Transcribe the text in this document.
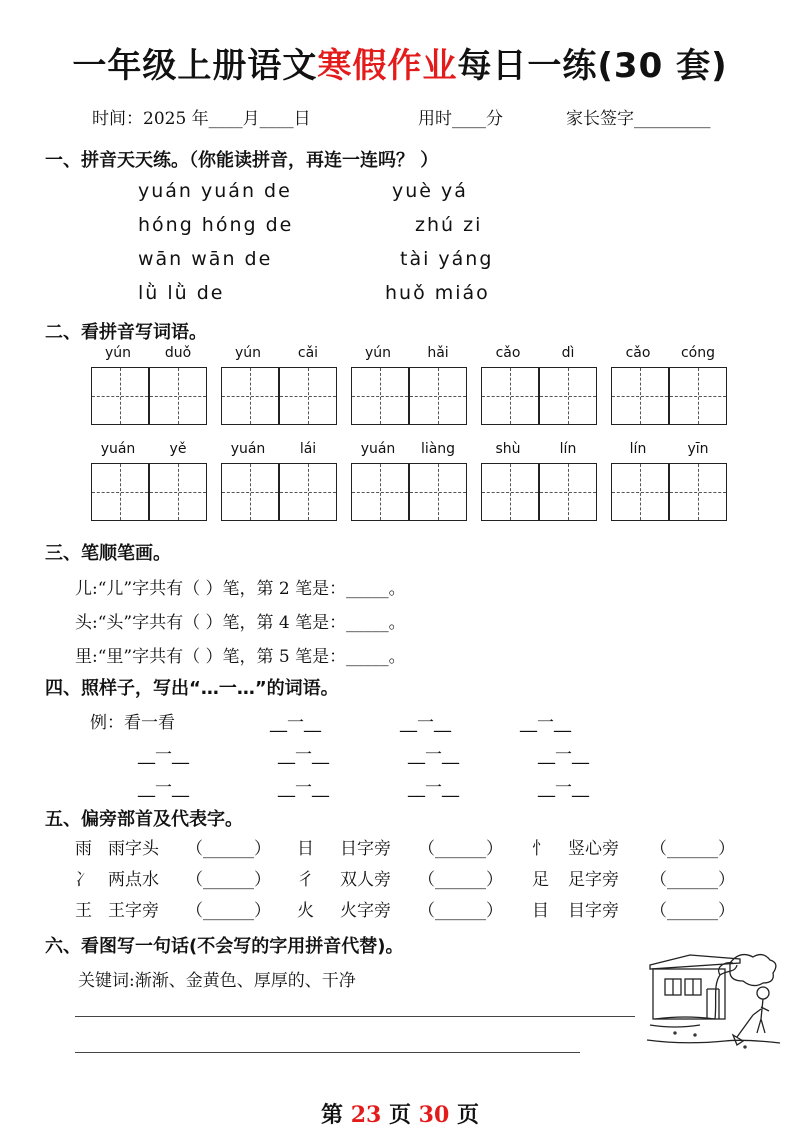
一年级上册语文寒假作业每日一练(30 套)
时间：2025 年____月____日	用时____分	家长签字_________
一、拼音天天练。（你能读拼音，再连一连吗？ ）
yuán yuán de
hóng hóng de
wān wān de
lǜ lǜ de
yuè yá
zhú zi
tài yáng
huǒ miáo
二、看拼音写词语。
yún	duǒ	yún	cǎi	yún	hǎi	cǎo	dì	cǎo	cóng
yuán	yě	yuán	lái	yuán	liàng	shù	lín	lín	yīn
三、笔顺笔画。
儿:“儿”字共有（ ）笔，第 2 笔是：_____。
头:“头”字共有（ ）笔，第 4 笔是：_____。
里:“里”字共有（ ）笔，第 5 笔是：_____。
四、照样子，写出“…一…”的词语。
例：看一看	__一__	__一__	__一__
__一__	__一__	__一__	__一__
__一__	__一__	__一__	__一__
五、偏旁部首及代表字。
雨 雨字头 （______） 日 日字旁 （______） 忄 竖心旁 （______）
冫 两点水 （______） 彳 双人旁 （______） 足 足字旁 （______）
王 王字旁 （______） 火 火字旁 （______） 目 目字旁 （______）
六、看图写一句话(不会写的字用拼音代替)。
关键词:渐渐、金黄色、厚厚的、干净
第 23 页 30 页
